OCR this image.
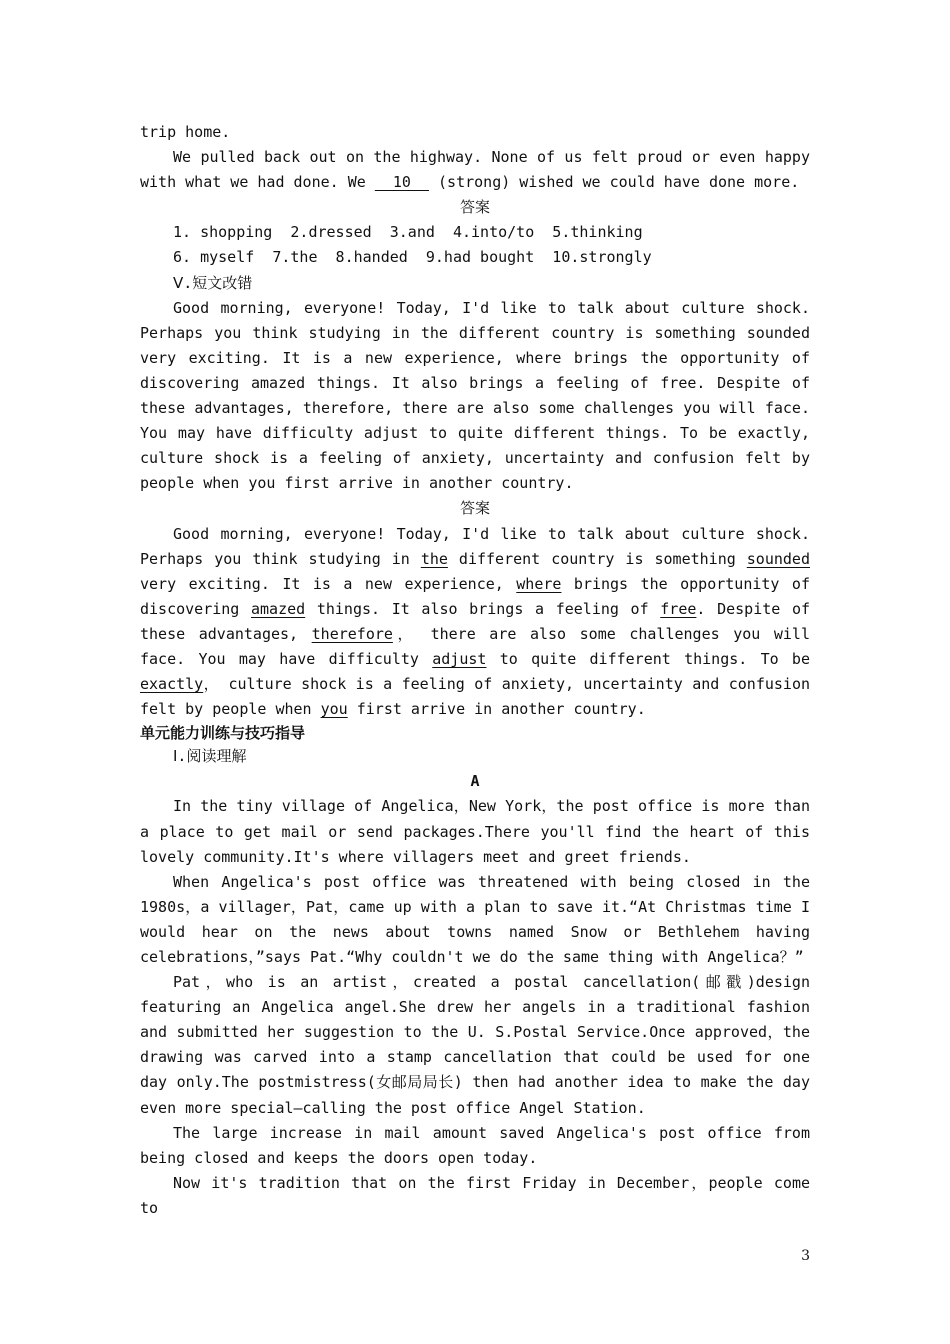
trip home.

We pulled back out on the highway. None of us felt proud or even happy with what we had done. We   10   (strong) wished we could have done more.

答案

1. shopping  2.dressed  3.and  4.into/to  5.thinking

6. myself  7.the  8.handed  9.had bought  10.strongly

Ⅴ.短文改错

Good morning, everyone! Today, I'd like to talk about culture shock. Perhaps you think studying in the different country is something sounded very exciting. It is a new experience, where brings the opportunity of discovering amazed things. It also brings a feeling of free. Despite of these advantages, therefore, there are also some challenges you will face. You may have difficulty adjust to quite different things. To be exactly, culture shock is a feeling of anxiety, uncertainty and confusion felt by people when you first arrive in another country.

答案

Good morning, everyone! Today, I'd like to talk about culture shock. Perhaps you think studying in the different country is something sounded very exciting. It is a new experience, where brings the opportunity of discovering amazed things. It also brings a feeling of free. Despite of these advantages, therefore， there are also some challenges you will face. You may have difficulty adjust to quite different things. To be exactly， culture shock is a feeling of anxiety, uncertainty and confusion felt by people when you first arrive in another country.

单元能力训练与技巧指导

Ⅰ.阅读理解

A

In the tiny village of Angelica，New York，the post office is more than a place to get mail or send packages.There you'll find the heart of this lovely community.It's where villagers meet and greet friends.

When Angelica's post office was threatened with being closed in the 1980s，a villager，Pat，came up with a plan to save it.“At Christmas time I would hear on the news about towns named Snow or Bethlehem having celebrations，”says Pat.“Why couldn't we do the same thing with Angelica？”

Pat，who is an artist，created a postal cancellation(邮戳)design featuring an Angelica angel.She drew her angels in a traditional fashion and submitted her suggestion to the U. S.Postal Service.Once approved，the drawing was carved into a stamp cancellation that could be used for one day only.The postmistress(女邮局局长) then had another idea to make the day even more special—calling the post office Angel Station.

The large increase in mail amount saved Angelica's post office from being closed and keeps the doors open today.

Now it's tradition that on the first Friday in December，people come to

3
